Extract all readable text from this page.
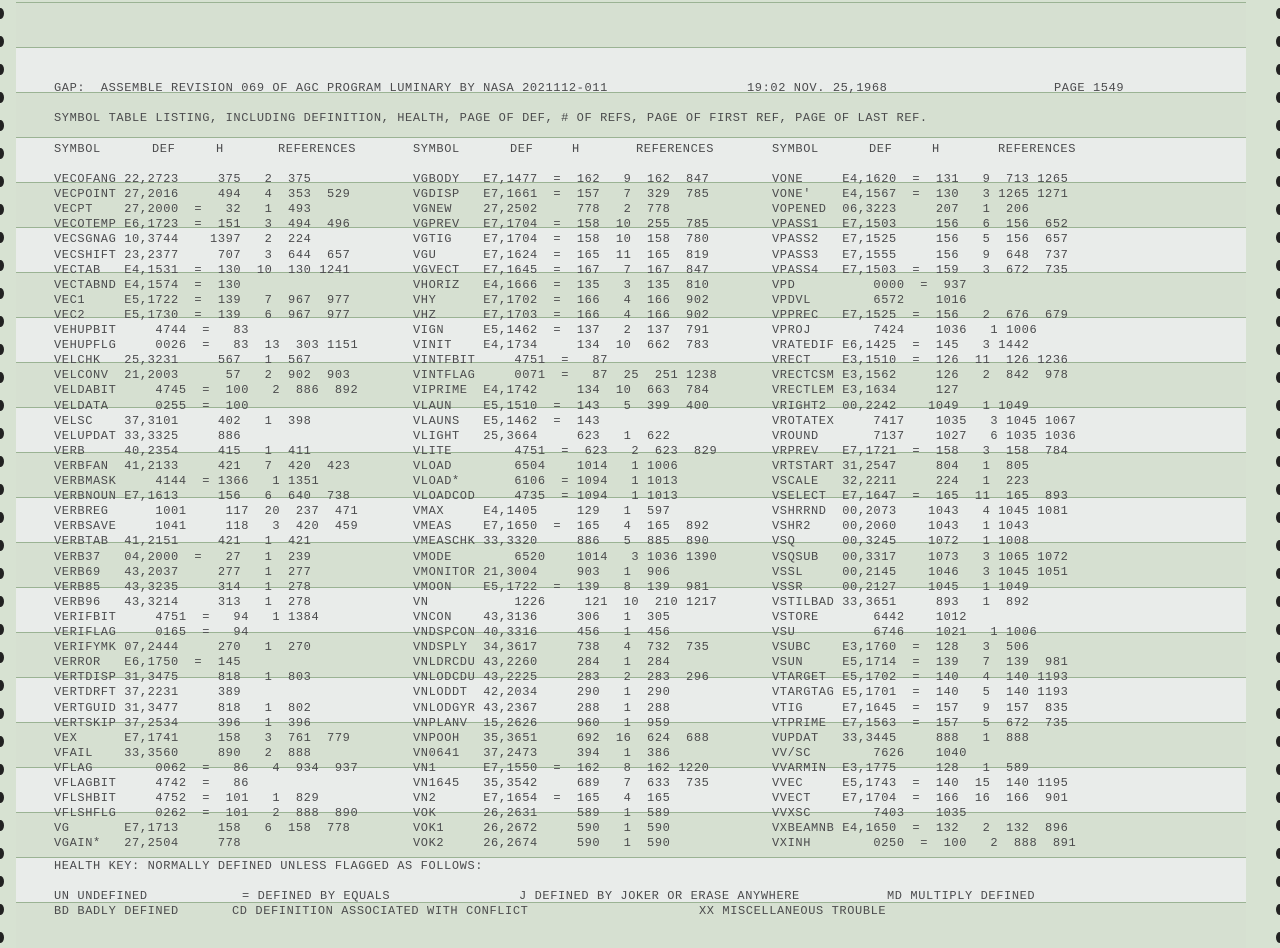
GAP:  ASSEMBLE REVISION 069 OF AGC PROGRAM LUMINARY BY NASA 2021112-011	19:02 NOV. 25,1968	PAGE 1549
SYMBOL TABLE LISTING, INCLUDING DEFINITION, HEALTH, PAGE OF DEF, # OF REFS, PAGE OF FIRST REF, PAGE OF LAST REF.
SYMBOL	DEF	H	REFERENCES	SYMBOL	DEF	H	REFERENCES	SYMBOL	DEF	H	REFERENCES
VECOFANG 22,2723     375   2  375	VGBODY   E7,1477  =  162   9  162  847	VONE     E4,1620  =  131   9  713 1265
VECPOINT 27,2016     494   4  353  529	VGDISP   E7,1661  =  157   7  329  785	VONE'    E4,1567  =  130   3 1265 1271
VECPT    27,2000  =   32   1  493	VGNEW    27,2502     778   2  778	VOPENED  06,3223     207   1  206
VECOTEMP E6,1723  =  151   3  494  496	VGPREV   E7,1704  =  158  10  255  785	VPASS1   E7,1503     156   6  156  652
VECSGNAG 10,3744    1397   2  224	VGTIG    E7,1704  =  158  10  158  780	VPASS2   E7,1525     156   5  156  657
VECSHIFT 23,2377     707   3  644  657	VGU      E7,1624  =  165  11  165  819	VPASS3   E7,1555     156   9  648  737
VECTAB   E4,1531  =  130  10  130 1241	VGVECT   E7,1645  =  167   7  167  847	VPASS4   E7,1503  =  159   3  672  735
VECTABND E4,1574  =  130	VHORIZ   E4,1666  =  135   3  135  810	VPD          0000  =  937
VEC1     E5,1722  =  139   7  967  977	VHY      E7,1702  =  166   4  166  902	VPDVL        6572    1016
VEC2     E5,1730  =  139   6  967  977	VHZ      E7,1703  =  166   4  166  902	VPPREC   E7,1525  =  156   2  676  679
VEHUPBIT     4744  =   83	VIGN     E5,1462  =  137   2  137  791	VPROJ        7424    1036   1 1006
VEHUPFLG     0026  =   83  13  303 1151	VINIT    E4,1734     134  10  662  783	VRATEDIF E6,1425  =  145   3 1442
VELCHK   25,3231     567   1  567	VINTFBIT     4751  =   87	VRECT    E3,1510  =  126  11  126 1236
VELCONV  21,2003      57   2  902  903	VINTFLAG     0071  =   87  25  251 1238	VRECTCSM E3,1562     126   2  842  978
VELDABIT     4745  =  100   2  886  892	VIPRIME  E4,1742     134  10  663  784	VRECTLEM E3,1634     127
VELDATA      0255  =  100	VLAUN    E5,1510  =  143   5  399  400	VRIGHT2  00,2242    1049   1 1049
VELSC    37,3101     402   1  398	VLAUNS   E5,1462  =  143	VROTATEX     7417    1035   3 1045 1067
VELUPDAT 33,3325     886	VLIGHT   25,3664     623   1  622	VROUND       7137    1027   6 1035 1036
VERB     40,2354     415   1  411	VLITE        4751  =  623   2  623  829	VRPREV   E7,1721  =  158   3  158  784
VERBFAN  41,2133     421   7  420  423	VLOAD        6504    1014   1 1006	VRTSTART 31,2547     804   1  805
VERBMASK     4144  = 1366   1 1351	VLOAD*       6106  = 1094   1 1013	VSCALE   32,2211     224   1  223
VERBNOUN E7,1613     156   6  640  738	VLOADCOD     4735  = 1094   1 1013	VSELECT  E7,1647  =  165  11  165  893
VERBREG      1001     117  20  237  471	VMAX     E4,1405     129   1  597	VSHRRND  00,2073    1043   4 1045 1081
VERBSAVE     1041     118   3  420  459	VMEAS    E7,1650  =  165   4  165  892	VSHR2    00,2060    1043   1 1043
VERBTAB  41,2151     421   1  421	VMEASCHK 33,3320     886   5  885  890	VSQ      00,3245    1072   1 1008
VERB37   04,2000  =   27   1  239	VMODE        6520    1014   3 1036 1390	VSQSUB   00,3317    1073   3 1065 1072
VERB69   43,2037     277   1  277	VMONITOR 21,3004     903   1  906	VSSL     00,2145    1046   3 1045 1051
VERB85   43,3235     314   1  278	VMOON    E5,1722  =  139   8  139  981	VSSR     00,2127    1045   1 1049
VERB96   43,3214     313   1  278	VN           1226     121  10  210 1217	VSTILBAD 33,3651     893   1  892
VERIFBIT     4751  =   94   1 1384	VNCON    43,3136     306   1  305	VSTORE       6442    1012
VERIFLAG     0165  =   94	VNDSPCON 40,3316     456   1  456	VSU          6746    1021   1 1006
VERIFYMK 07,2444     270   1  270	VNDSPLY  34,3617     738   4  732  735	VSUBC    E3,1760  =  128   3  506
VERROR   E6,1750  =  145	VNLDRCDU 43,2260     284   1  284	VSUN     E5,1714  =  139   7  139  981
VERTDISP 31,3475     818   1  803	VNLODCDU 43,2225     283   2  283  296	VTARGET  E5,1702  =  140   4  140 1193
VERTDRFT 37,2231     389	VNLODDT  42,2034     290   1  290	VTARGTAG E5,1701  =  140   5  140 1193
VERTGUID 31,3477     818   1  802	VNLODGYR 43,2367     288   1  288	VTIG     E7,1645  =  157   9  157  835
VERTSKIP 37,2534     396   1  396	VNPLANV  15,2626     960   1  959	VTPRIME  E7,1563  =  157   5  672  735
VEX      E7,1741     158   3  761  779	VNPOOH   35,3651     692  16  624  688	VUPDAT   33,3445     888   1  888
VFAIL    33,3560     890   2  888	VN0641   37,2473     394   1  386	VV/SC        7626    1040
VFLAG        0062  =   86   4  934  937	VN1      E7,1550  =  162   8  162 1220	VVARMIN  E3,1775     128   1  589
VFLAGBIT     4742  =   86	VN1645   35,3542     689   7  633  735	VVEC     E5,1743  =  140  15  140 1195
VFLSHBIT     4752  =  101   1  829	VN2      E7,1654  =  165   4  165	VVECT    E7,1704  =  166  16  166  901
VFLSHFLG     0262  =  101   2  888  890	VOK      26,2631     589   1  589	VVXSC        7403    1035
VG       E7,1713     158   6  158  778	VOK1     26,2672     590   1  590	VXBEAMNB E4,1650  =  132   2  132  896
VGAIN*   27,2504     778	VOK2     26,2674     590   1  590	VXINH        0250  =  100   2  888  891
HEALTH KEY: NORMALLY DEFINED UNLESS FLAGGED AS FOLLOWS:
UN UNDEFINED	= DEFINED BY EQUALS	J DEFINED BY JOKER OR ERASE ANYWHERE	MD MULTIPLY DEFINED
BD BADLY DEFINED	CD DEFINITION ASSOCIATED WITH CONFLICT	XX MISCELLANEOUS TROUBLE
